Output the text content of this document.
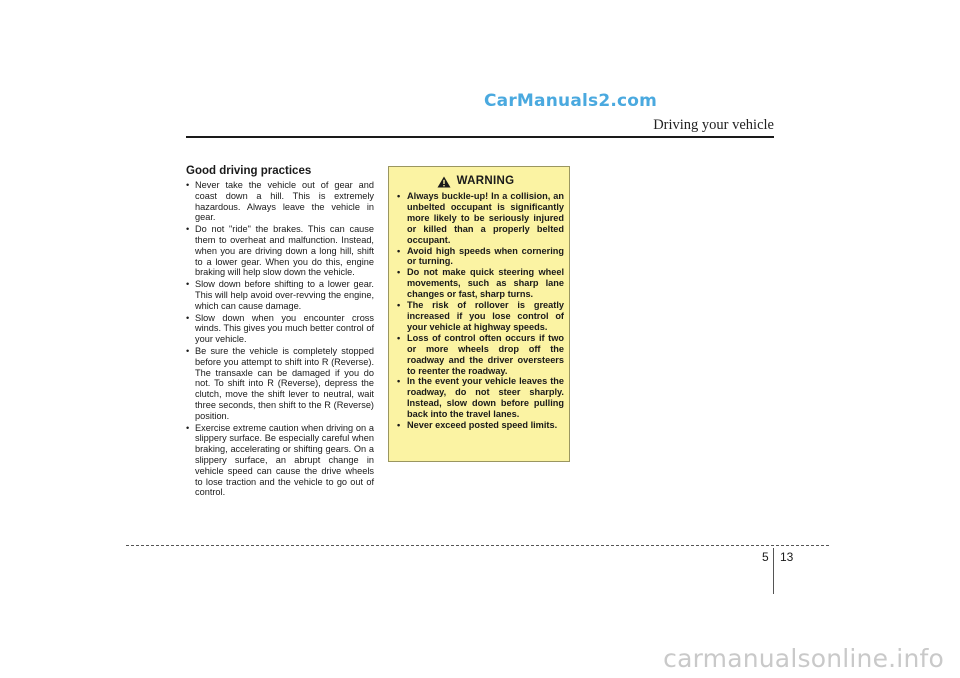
CarManuals2.com
Driving your vehicle
Good driving practices
• Never take the vehicle out of gear and coast down a hill. This is extremely hazardous. Always leave the vehicle in gear.
• Do not "ride" the brakes. This can cause them to overheat and malfunction. Instead, when you are driving down a long hill, shift to a lower gear. When you do this, engine braking will help slow down the vehicle.
• Slow down before shifting to a lower gear. This will help avoid over-revving the engine, which can cause damage.
• Slow down when you encounter cross winds. This gives you much better control of your vehicle.
• Be sure the vehicle is completely stopped before you attempt to shift into R (Reverse). The transaxle can be damaged if you do not. To shift into R (Reverse), depress the clutch, move the shift lever to neutral, wait three seconds, then shift to the R (Reverse) position.
• Exercise extreme caution when driving on a slippery surface. Be especially careful when braking, accelerating or shifting gears. On a slippery surface, an abrupt change in vehicle speed can cause the drive wheels to lose traction and the vehicle to go out of control.
WARNING
• Always buckle-up! In a collision, an unbelted occupant is significantly more likely to be seriously injured or killed than a properly belted occupant.
• Avoid high speeds when cornering or turning.
• Do not make quick steering wheel movements, such as sharp lane changes or fast, sharp turns.
• The risk of rollover is greatly increased if you lose control of your vehicle at highway speeds.
• Loss of control often occurs if two or more wheels drop off the roadway and the driver oversteers to reenter the roadway.
• In the event your vehicle leaves the roadway, do not steer sharply. Instead, slow down before pulling back into the travel lanes.
• Never exceed posted speed limits.
5 13
carmanualsonline.info
